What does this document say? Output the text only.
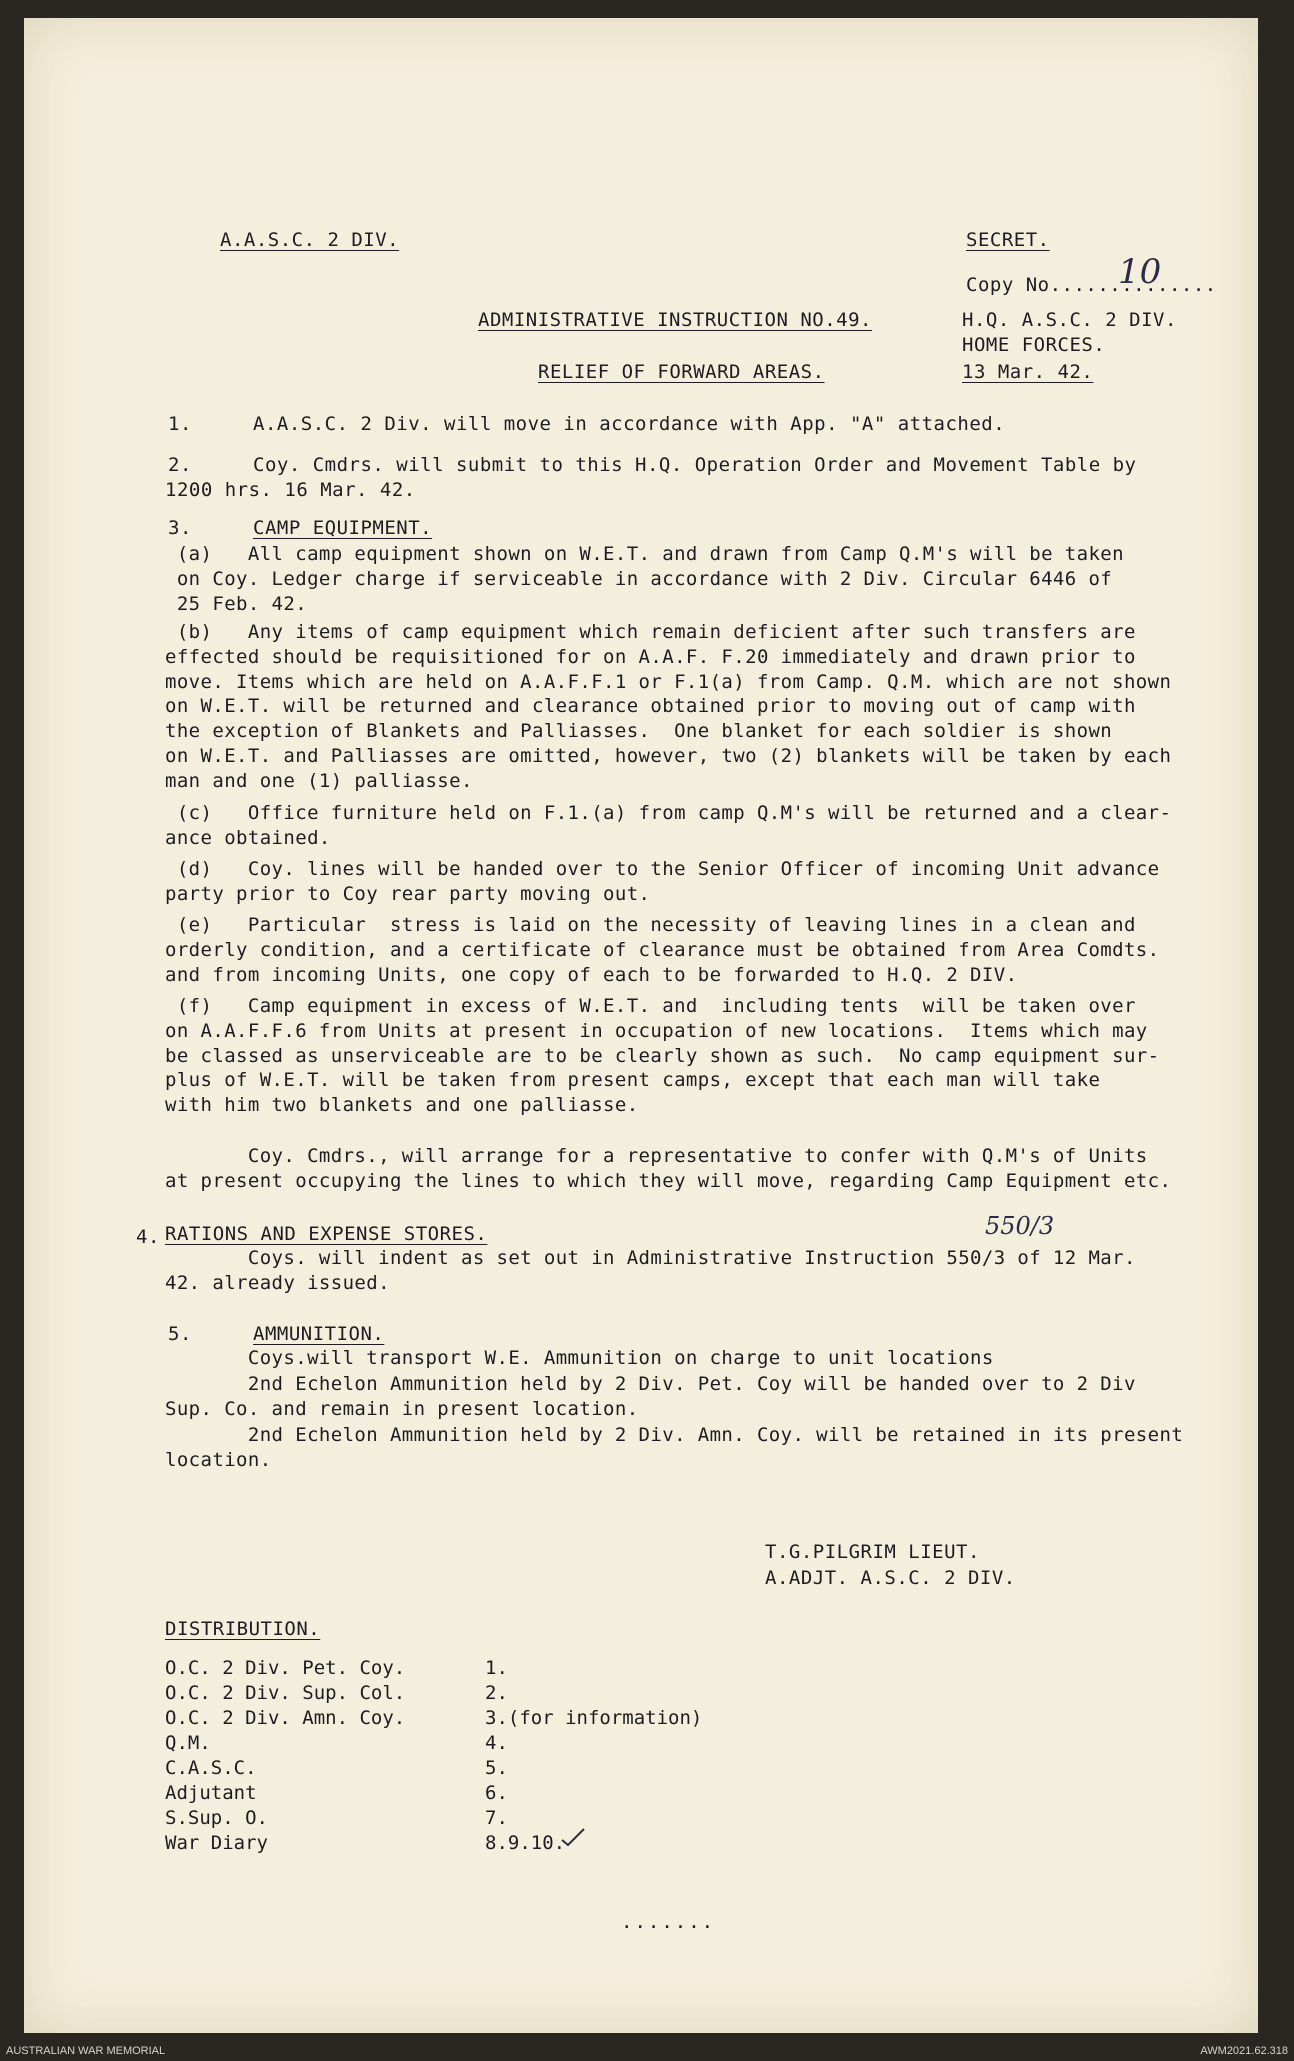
A.A.S.C. 2 DIV.	SECRET.
Copy No..............
10
ADMINISTRATIVE INSTRUCTION NO.49.	H.Q. A.S.C. 2 DIV.
HOME FORCES.
RELIEF OF FORWARD AREAS.	13 Mar. 42.
1.	A.A.S.C. 2 Div. will move in accordance with App. "A" attached.
2.	Coy. Cmdrs. will submit to this H.Q. Operation Order and Movement Table by
1200 hrs. 16 Mar. 42.
3.	CAMP EQUIPMENT.
(a)   All camp equipment shown on W.E.T. and drawn from Camp Q.M's will be taken
on Coy. Ledger charge if serviceable in accordance with 2 Div. Circular 6446 of
25 Feb. 42.
(b)   Any items of camp equipment which remain deficient after such transfers are
effected should be requisitioned for on A.A.F. F.20 immediately and drawn prior to
move. Items which are held on A.A.F.F.1 or F.1(a) from Camp. Q.M. which are not shown
on W.E.T. will be returned and clearance obtained prior to moving out of camp with
the exception of Blankets and Palliasses.  One blanket for each soldier is shown
on W.E.T. and Palliasses are omitted, however, two (2) blankets will be taken by each
man and one (1) palliasse.
(c)   Office furniture held on F.1.(a) from camp Q.M's will be returned and a clear-
ance obtained.
(d)   Coy. lines will be handed over to the Senior Officer of incoming Unit advance
party prior to Coy rear party moving out.
(e)   Particular  stress is laid on the necessity of leaving lines in a clean and
orderly condition, and a certificate of clearance must be obtained from Area Comdts.
and from incoming Units, one copy of each to be forwarded to H.Q. 2 DIV.
(f)   Camp equipment in excess of W.E.T. and  including tents  will be taken over
on A.A.F.F.6 from Units at present in occupation of new locations.  Items which may
be classed as unserviceable are to be clearly shown as such.  No camp equipment sur-
plus of W.E.T. will be taken from present camps, except that each man will take
with him two blankets and one palliasse.
Coy. Cmdrs., will arrange for a representative to confer with Q.M's of Units
at present occupying the lines to which they will move, regarding Camp Equipment etc.
4. RATIONS AND EXPENSE STORES.	550/3
Coys. will indent as set out in Administrative Instruction 550/3 of 12 Mar.
42. already issued.
5.	AMMUNITION.
Coys.will transport W.E. Ammunition on charge to unit locations
2nd Echelon Ammunition held by 2 Div. Pet. Coy will be handed over to 2 Div
Sup. Co. and remain in present location.
2nd Echelon Ammunition held by 2 Div. Amn. Coy. will be retained in its present
location.
T.G.PILGRIM LIEUT.
A.ADJT. A.S.C. 2 DIV.
DISTRIBUTION.
O.C. 2 Div. Pet. Coy.	1.
O.C. 2 Div. Sup. Col.	2.
O.C. 2 Div. Amn. Coy.	3.(for information)
Q.M.	4.
C.A.S.C.	5.
Adjutant	6.
S.Sup. O.	7.
War Diary	8.9.10.
.......
AUSTRALIAN WAR MEMORIAL	AWM2021.62.318
